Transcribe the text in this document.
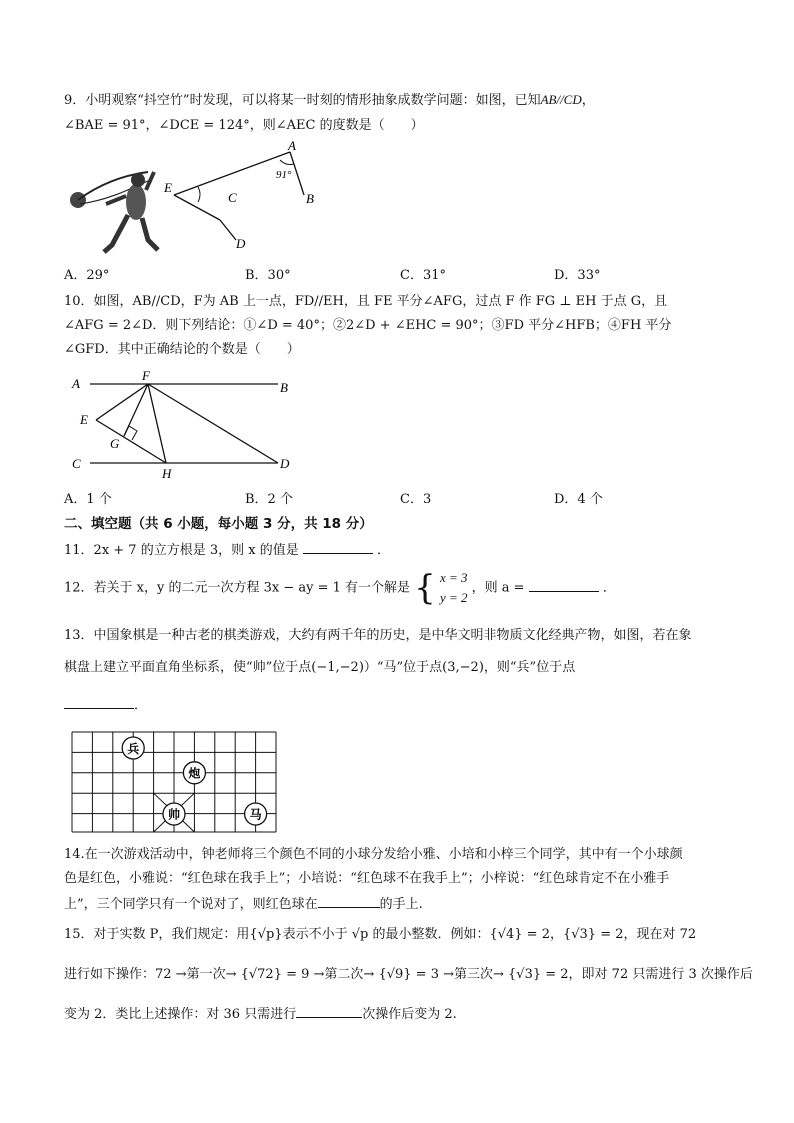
9．小明观察“抖空竹”时发现，可以将某一时刻的情形抽象成数学问题：如图，已知AB//CD，
∠BAE = 91°，∠DCE = 124°，则∠AEC 的度数是（　　）
A
B
C
D
E
91°
A．29°	B．30°	C．31°	D．33°
10．如图，AB//CD，F为 AB 上一点，FD//EH，且 FE 平分∠AFG，过点 F 作 FG ⊥ EH 于点 G，且
∠AFG = 2∠D．则下列结论：①∠D = 40°；②2∠D + ∠EHC = 90°；③FD 平分∠HFB；④FH 平分
∠GFD．其中正确结论的个数是（　　）
A	B
C	D
E
F
G
H
A．1 个	B．2 个	C．3	D．4 个
二、填空题（共 6 小题，每小题 3 分，共 18 分）
11．2x + 7 的立方根是 3，则 x 的值是	．
12．若关于 x，y 的二元一次方程 3x − ay = 1 有一个解是 { x = 3
y = 2
，则 a =	．
13．中国象棋是一种古老的棋类游戏，大约有两千年的历史，是中华文明非物质文化经典产物，如图，若在象
棋盘上建立平面直角坐标系，使“帅”位于点(−1,−2)）“马”位于点(3,−2)，则“兵”位于点
．
兵
炮
帅	马
14.在一次游戏活动中，钟老师将三个颜色不同的小球分发给小雅、小培和小梓三个同学，其中有一个小球颜
色是红色，小雅说：“红色球在我手上”；小培说：“红色球不在我手上”；小梓说：“红色球肯定不在小雅手
上”，三个同学只有一个说对了，则红色球在	的手上.
15．对于实数 P，我们规定：用{√p}表示不小于 √p 的最小整数．例如：{√4} = 2，{√3} = 2，现在对 72
进行如下操作：72 →第一次→ {√72} = 9 →第二次→ {√9} = 3 →第三次→ {√3} = 2，即对 72 只需进行 3 次操作后
变为 2．类比上述操作：对 36 只需进行	次操作后变为 2.
